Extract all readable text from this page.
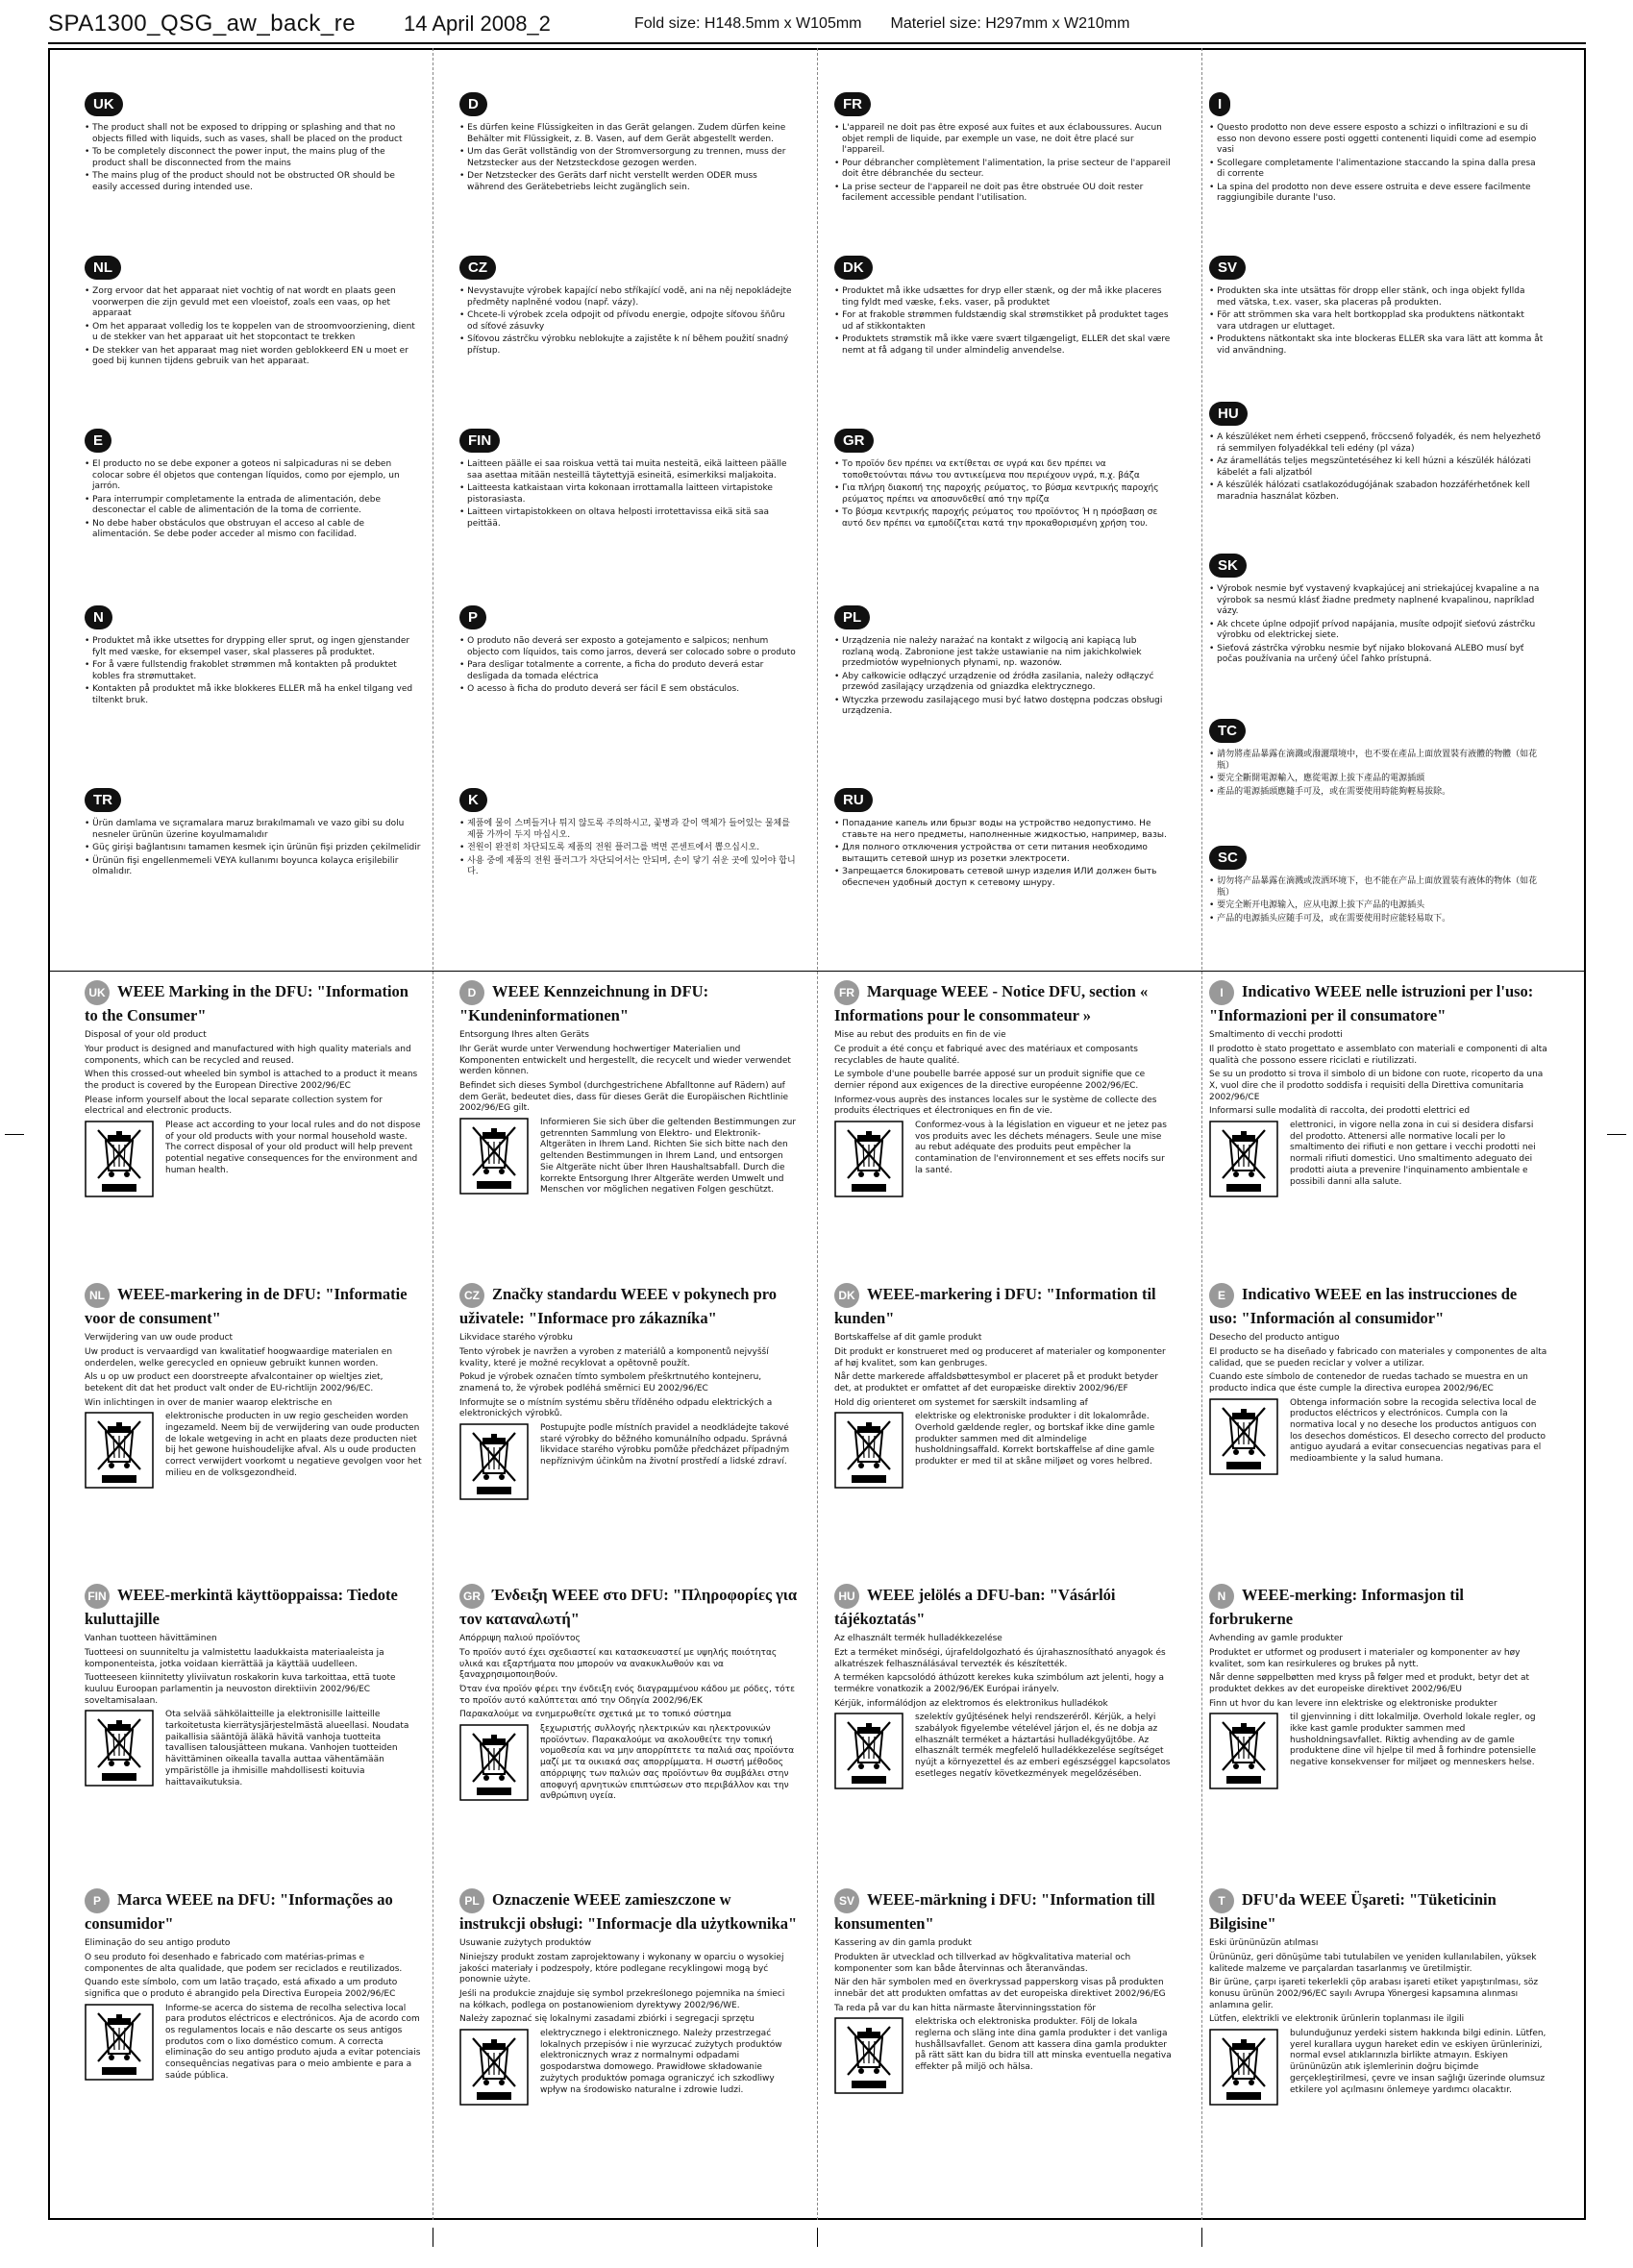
SPA1300_QSG_aw_back_re	14 April 2008_2	Fold size: H148.5mm x W105mm Materiel size: H297mm x W210mm
UK
• The product shall not be exposed to dripping or splashing and that no objects filled with liquids, such as vases, shall be placed on the product
• To be completely disconnect the power input, the mains plug of the product shall be disconnected from the mains
• The mains plug of the product should not be obstructed OR should be easily accessed during intended use.
D
• Es dürfen keine Flüssigkeiten in das Gerät gelangen. Zudem dürfen keine Behälter mit Flüssigkeit, z. B. Vasen, auf dem Gerät abgestellt werden.
• Um das Gerät vollständig von der Stromversorgung zu trennen, muss der Netzstecker aus der Netzsteckdose gezogen werden.
• Der Netzstecker des Geräts darf nicht verstellt werden ODER muss während des Gerätebetriebs leicht zugänglich sein.
FR
• L'appareil ne doit pas être exposé aux fuites et aux éclaboussures. Aucun objet rempli de liquide, par exemple un vase, ne doit être placé sur l'appareil.
• Pour débrancher complètement l'alimentation, la prise secteur de l'appareil doit être débranchée du secteur.
• La prise secteur de l'appareil ne doit pas être obstruée OU doit rester facilement accessible pendant l'utilisation.
I
• Questo prodotto non deve essere esposto a schizzi o infiltrazioni e su di esso non devono essere posti oggetti contenenti liquidi come ad esempio vasi
• Scollegare completamente l'alimentazione staccando la spina dalla presa di corrente
• La spina del prodotto non deve essere ostruita e deve essere facilmente raggiungibile durante l'uso.
NL
• Zorg ervoor dat het apparaat niet vochtig of nat wordt en plaats geen voorwerpen die zijn gevuld met een vloeistof, zoals een vaas, op het apparaat
• Om het apparaat volledig los te koppelen van de stroomvoorziening, dient u de stekker van het apparaat uit het stopcontact te trekken
• De stekker van het apparaat mag niet worden geblokkeerd EN u moet er goed bij kunnen tijdens gebruik van het apparaat.
CZ
• Nevystavujte výrobek kapající nebo stříkající vodě, ani na něj nepokládejte předměty naplněné vodou (např. vázy).
• Chcete-li výrobek zcela odpojit od přívodu energie, odpojte síťovou šňůru od síťové zásuvky
• Síťovou zástrčku výrobku neblokujte a zajistěte k ní během použití snadný přístup.
DK
• Produktet må ikke udsættes for dryp eller stænk, og der må ikke placeres ting fyldt med væske, f.eks. vaser, på produktet
• For at frakoble strømmen fuldstændig skal strømstikket på produktet tages ud af stikkontakten
• Produktets strømstik må ikke være svært tilgængeligt, ELLER det skal være nemt at få adgang til under almindelig anvendelse.
SV
• Produkten ska inte utsättas för dropp eller stänk, och inga objekt fyllda med vätska, t.ex. vaser, ska placeras på produkten.
• För att strömmen ska vara helt bortkopplad ska produktens nätkontakt vara utdragen ur eluttaget.
• Produktens nätkontakt ska inte blockeras ELLER ska vara lätt att komma åt vid användning.
HU
• A készüléket nem érheti cseppenő, fröccsenő folyadék, és nem helyezhető rá semmilyen folyadékkal teli edény (pl váza)
• Az áramellátás teljes megszüntetéséhez ki kell húzni a készülék hálózati kábelét a fali aljzatból
• A készülék hálózati csatlakozódugójának szabadon hozzáférhetőnek kell maradnia használat közben.
E
• El producto no se debe exponer a goteos ni salpicaduras ni se deben colocar sobre él objetos que contengan líquidos, como por ejemplo, un jarrón.
• Para interrumpir completamente la entrada de alimentación, debe desconectar el cable de alimentación de la toma de corriente.
• No debe haber obstáculos que obstruyan el acceso al cable de alimentación. Se debe poder acceder al mismo con facilidad.
FIN
• Laitteen päälle ei saa roiskua vettä tai muita nesteitä, eikä laitteen päälle saa asettaa mitään nesteillä täytettyjä esineitä, esimerkiksi maljakoita.
• Laitteesta katkaistaan virta kokonaan irrottamalla laitteen virtapistoke pistorasiasta.
• Laitteen virtapistokkeen on oltava helposti irrotettavissa eikä sitä saa peittää.
GR
• Το προϊόν δεν πρέπει να εκτίθεται σε υγρά και δεν πρέπει να τοποθετούνται πάνω του αντικείμενα που περιέχουν υγρά, π.χ. βάζα
• Για πλήρη διακοπή της παροχής ρεύματος, το βύσμα κεντρικής παροχής ρεύματος πρέπει να αποσυνδεθεί από την πρίζα
• Το βύσμα κεντρικής παροχής ρεύματος του προϊόντος Ή η πρόσβαση σε αυτό δεν πρέπει να εμποδίζεται κατά την προκαθορισμένη χρήση του.
SK
• Výrobok nesmie byť vystavený kvapkajúcej ani striekajúcej kvapaline a na výrobok sa nesmú klásť žiadne predmety naplnené kvapalinou, napríklad vázy.
• Ak chcete úplne odpojiť prívod napájania, musíte odpojiť sieťovú zástrčku výrobku od elektrickej siete.
• Sieťová zástrčka výrobku nesmie byť nijako blokovaná ALEBO musí byť počas používania na určený účel ľahko prístupná.
N
• Produktet må ikke utsettes for drypping eller sprut, og ingen gjenstander fylt med væske, for eksempel vaser, skal plasseres på produktet.
• For å være fullstendig frakoblet strømmen må kontakten på produktet kobles fra strømuttaket.
• Kontakten på produktet må ikke blokkeres ELLER må ha enkel tilgang ved tiltenkt bruk.
P
• O produto não deverá ser exposto a gotejamento e salpicos; nenhum objecto com líquidos, tais como jarros, deverá ser colocado sobre o produto
• Para desligar totalmente a corrente, a ficha do produto deverá estar desligada da tomada eléctrica
• O acesso à ficha do produto deverá ser fácil E sem obstáculos.
PL
• Urządzenia nie należy narażać na kontakt z wilgocią ani kapiącą lub rozlaną wodą. Zabronione jest także ustawianie na nim jakichkolwiek przedmiotów wypełnionych płynami, np. wazonów.
• Aby całkowicie odłączyć urządzenie od źródła zasilania, należy odłączyć przewód zasilający urządzenia od gniazdka elektrycznego.
• Wtyczka przewodu zasilającego musi być łatwo dostępna podczas obsługi urządzenia.
TC
• 請勿將產品暴露在滴濺或潑灑環境中，也不要在產品上面放置裝有液體的物體（如花瓶）
• 要完全斷開電源輸入，應從電源上拔下產品的電源插頭
• 產品的電源插頭應隨手可及，或在需要使用時能夠輕易拔除。
TR
• Ürün damlama ve sıçramalara maruz bırakılmamalı ve vazo gibi su dolu nesneler ürünün üzerine koyulmamalıdır
• Güç girişi bağlantısını tamamen kesmek için ürünün fişi prizden çekilmelidir
• Ürünün fişi engellenmemeli VEYA kullanımı boyunca kolayca erişilebilir olmalıdır.
K
• 제품에 물이 스며들거나 튀지 않도록 주의하시고, 꽃병과 같이 액체가 들어있는 물체를 제품 가까이 두지 마십시오.
• 전원이 완전히 차단되도록 제품의 전원 플러그를 벽면 콘센트에서 뽑으십시오.
• 사용 중에 제품의 전원 플러그가 차단되어서는 안되며, 손이 닿기 쉬운 곳에 있어야 합니다.
RU
• Попадание капель или брызг воды на устройство недопустимо. Не ставьте на него предметы, наполненные жидкостью, например, вазы.
• Для полного отключения устройства от сети питания необходимо вытащить сетевой шнур из розетки электросети.
• Запрещается блокировать сетевой шнур изделия ИЛИ должен быть обеспечен удобный доступ к сетевому шнуру.
SC
• 切勿将产品暴露在滴溅或泼洒环境下，也不能在产品上面放置装有液体的物体（如花瓶）
• 要完全断开电源输入，应从电源上拔下产品的电源插头
• 产品的电源插头应随手可及，或在需要使用时应能轻易取下。
UK WEEE Marking in the DFU: "Information to the Consumer"
Disposal of your old product

Your product is designed and manufactured with high quality materials and components, which can be recycled and reused.

When this crossed-out wheeled bin symbol is attached to a product it means the product is covered by the European Directive 2002/96/EC

Please inform yourself about the local separate collection system for electrical and electronic products.

Please act according to your local rules and do not dispose of your old products with your normal household waste. The correct disposal of your old product will help prevent potential negative consequences for the environment and human health.
D WEEE Kennzeichnung in DFU: "Kundeninformationen"
Entsorgung Ihres alten Geräts

Ihr Gerät wurde unter Verwendung hochwertiger Materialien und Komponenten entwickelt und hergestellt, die recycelt und wieder verwendet werden können.

Befindet sich dieses Symbol (durchgestrichene Abfalltonne auf Rädern) auf dem Gerät, bedeutet dies, dass für dieses Gerät die Europäischen Richtlinie 2002/96/EG gilt.

Informieren Sie sich über die geltenden Bestimmungen zur getrennten Sammlung von Elektro- und Elektronik-Altgeräten in Ihrem Land. Richten Sie sich bitte nach den geltenden Bestimmungen in Ihrem Land, und entsorgen Sie Altgeräte nicht über Ihren Haushaltsabfall. Durch die korrekte Entsorgung Ihrer Altgeräte werden Umwelt und Menschen vor möglichen negativen Folgen geschützt.
FR Marquage WEEE - Notice DFU, section « Informations pour le consommateur »
Mise au rebut des produits en fin de vie

Ce produit a été conçu et fabriqué avec des matériaux et composants recyclables de haute qualité.

Le symbole d'une poubelle barrée apposé sur un produit signifie que ce dernier répond aux exigences de la directive européenne 2002/96/EC.

Informez-vous auprès des instances locales sur le système de collecte des produits électriques et électroniques en fin de vie.

Conformez-vous à la législation en vigueur et ne jetez pas vos produits avec les déchets ménagers. Seule une mise au rebut adéquate des produits peut empêcher la contamination de l'environnement et ses effets nocifs sur la santé.
I Indicativo WEEE nelle istruzioni per l'uso: "Informazioni per il consumatore"
Smaltimento di vecchi prodotti

Il prodotto è stato progettato e assemblato con materiali e componenti di alta qualità che possono essere riciclati e riutilizzati.

Se su un prodotto si trova il simbolo di un bidone con ruote, ricoperto da una X, vuol dire che il prodotto soddisfa i requisiti della Direttiva comunitaria 2002/96/CE

Informarsi sulle modalità di raccolta, dei prodotti elettrici ed

elettronici, in vigore nella zona in cui si desidera disfarsi del prodotto. Attenersi alle normative locali per lo smaltimento dei rifiuti e non gettare i vecchi prodotti nei normali rifiuti domestici. Uno smaltimento adeguato dei prodotti aiuta a prevenire l'inquinamento ambientale e possibili danni alla salute.
NL WEEE-markering in de DFU: "Informatie voor de consument"
Verwijdering van uw oude product

Uw product is vervaardigd van kwalitatief hoogwaardige materialen en onderdelen, welke gerecycled en opnieuw gebruikt kunnen worden.

Als u op uw product een doorstreepte afvalcontainer op wieltjes ziet, betekent dit dat het product valt onder de EU-richtlijn 2002/96/EC.

Win inlichtingen in over de manier waarop elektrische en

elektronische producten in uw regio gescheiden worden ingezameld. Neem bij de verwijdering van oude producten de lokale wetgeving in acht en plaats deze producten niet bij het gewone huishoudelijke afval. Als u oude producten correct verwijdert voorkomt u negatieve gevolgen voor het milieu en de volksgezondheid.
CZ Značky standardu WEEE v pokynech pro uživatele: "Informace pro zákazníka"
Likvidace starého výrobku

Tento výrobek je navržen a vyroben z materiálů a komponentů nejvyšší kvality, které je možné recyklovat a opětovně použít.

Pokud je výrobek označen tímto symbolem přeškrtnutého kontejneru, znamená to, že výrobek podléhá směrnici EU 2002/96/EC

Informujte se o místním systému sběru tříděného odpadu elektrických a elektronických výrobků.

Postupujte podle místních pravidel a neodkládejte takové staré výrobky do běžného komunálního odpadu. Správná likvidace starého výrobku pomůže předcházet případným nepříznivým účinkům na životní prostředí a lidské zdraví.
DK WEEE-markering i DFU: "Information til kunden"
Bortskaffelse af dit gamle produkt

Dit produkt er konstrueret med og produceret af materialer og komponenter af høj kvalitet, som kan genbruges.

Når dette markerede affaldsbøttesymbol er placeret på et produkt betyder det, at produktet er omfattet af det europæiske direktiv 2002/96/EF

Hold dig orienteret om systemet for særskilt indsamling af

elektriske og elektroniske produkter i dit lokalområde. Overhold gældende regler, og bortskaf ikke dine gamle produkter sammen med dit almindelige husholdningsaffald. Korrekt bortskaffelse af dine gamle produkter er med til at skåne miljøet og vores helbred.
E Indicativo WEEE en las instrucciones de uso: "Información al consumidor"
Desecho del producto antiguo

El producto se ha diseñado y fabricado con materiales y componentes de alta calidad, que se pueden reciclar y volver a utilizar.

Cuando este símbolo de contenedor de ruedas tachado se muestra en un producto indica que éste cumple la directiva europea 2002/96/EC

Obtenga información sobre la recogida selectiva local de productos eléctricos y electrónicos. Cumpla con la normativa local y no deseche los productos antiguos con los desechos domésticos. El desecho correcto del producto antiguo ayudará a evitar consecuencias negativas para el medioambiente y la salud humana.
FIN WEEE-merkintä käyttöoppaissa: Tiedote kuluttajille
Vanhan tuotteen hävittäminen

Tuotteesi on suunniteltu ja valmistettu laadukkaista materiaaleista ja komponenteista, jotka voidaan kierrättää ja käyttää uudelleen.

Tuotteeseen kiinnitetty yliviivatun roskakorin kuva tarkoittaa, että tuote kuuluu Euroopan parlamentin ja neuvoston direktiivin 2002/96/EC soveltamisalaan.

Ota selvää sähkölaitteille ja elektronisille laitteille tarkoitetusta kierrätysjärjestelmästä alueellasi. Noudata paikallisia sääntöjä äläkä hävitä vanhoja tuotteita tavallisen talousjätteen mukana. Vanhojen tuotteiden hävittäminen oikealla tavalla auttaa vähentämään ympäristölle ja ihmisille mahdollisesti koituvia haittavaikutuksia.
GR Ένδειξη WEEE στο DFU: "Πληροφορίες για τον καταναλωτή"
Απόρριψη παλιού προϊόντος

Το προϊόν αυτό έχει σχεδιαστεί και κατασκευαστεί με υψηλής ποιότητας υλικά και εξαρτήματα που μπορούν να ανακυκλωθούν και να ξαναχρησιμοποιηθούν.

Όταν ένα προϊόν φέρει την ένδειξη ενός διαγραμμένου κάδου με ρόδες, τότε το προϊόν αυτό καλύπτεται από την Οδηγία 2002/96/ΕΚ

Παρακαλούμε να ενημερωθείτε σχετικά με το τοπικό σύστημα

ξεχωριστής συλλογής ηλεκτρικών και ηλεκτρονικών προϊόντων. Παρακαλούμε να ακολουθείτε την τοπική νομοθεσία και να μην απορρίπτετε τα παλιά σας προϊόντα μαζί με τα οικιακά σας απορρίμματα. Η σωστή μέθοδος απόρριψης των παλιών σας προϊόντων θα συμβάλει στην αποφυγή αρνητικών επιπτώσεων στο περιβάλλον και την ανθρώπινη υγεία.
HU WEEE jelölés a DFU-ban: "Vásárlói tájékoztatás"
Az elhasznált termék hulladékkezelése

Ezt a terméket minőségi, újrafeldolgozható és újrahasznosítható anyagok és alkatrészek felhasználásával tervezték és készítették.

A terméken kapcsolódó áthúzott kerekes kuka szimbólum azt jelenti, hogy a termékre vonatkozik a 2002/96/EK Európai irányelv.

Kérjük, informálódjon az elektromos és elektronikus hulladékok

szelektív gyűjtésének helyi rendszeréről. Kérjük, a helyi szabályok figyelembe vételével járjon el, és ne dobja az elhasznált terméket a háztartási hulladékgyűjtőbe. Az elhasznált termék megfelelő hulladékkezelése segítséget nyújt a környezettel és az emberi egészséggel kapcsolatos esetleges negatív következmények megelőzésében.
N WEEE-merking: Informasjon til forbrukerne
Avhending av gamle produkter

Produktet er utformet og produsert i materialer og komponenter av høy kvalitet, som kan resirkuleres og brukes på nytt.

Når denne søppelbøtten med kryss på følger med et produkt, betyr det at produktet dekkes av det europeiske direktivet 2002/96/EU

Finn ut hvor du kan levere inn elektriske og elektroniske produkter

til gjenvinning i ditt lokalmiljø. Overhold lokale regler, og ikke kast gamle produkter sammen med husholdningsavfallet. Riktig avhending av de gamle produktene dine vil hjelpe til med å forhindre potensielle negative konsekvenser for miljøet og menneskers helse.
P Marca WEEE na DFU: "Informações ao consumidor"
Eliminação do seu antigo produto

O seu produto foi desenhado e fabricado com matérias-primas e componentes de alta qualidade, que podem ser reciclados e reutilizados.

Quando este símbolo, com um latão traçado, está afixado a um produto significa que o produto é abrangido pela Directiva Europeia 2002/96/EC

Informe-se acerca do sistema de recolha selectiva local para produtos eléctricos e electrónicos. Aja de acordo com os regulamentos locais e não descarte os seus antigos produtos com o lixo doméstico comum. A correcta eliminação do seu antigo produto ajuda a evitar potenciais consequências negativas para o meio ambiente e para a saúde pública.
PL Oznaczenie WEEE zamieszczone w instrukcji obsługi: "Informacje dla użytkownika"
Usuwanie zużytych produktów

Niniejszy produkt zostam zaprojektowany i wykonany w oparciu o wysokiej jakości materiały i podzespoły, które podlegane recyklingowi mogą być ponownie użyte.

Jeśli na produkcie znajduje się symbol przekreślonego pojemnika na śmieci na kółkach, podlega on postanowieniom dyrektywy 2002/96/WE.

Należy zapoznać się lokalnymi zasadami zbiórki i segregacji sprzętu

elektrycznego i elektronicznego. Należy przestrzegać lokalnych przepisów i nie wyrzucać zużytych produktów elektronicznych wraz z normalnymi odpadami gospodarstwa domowego. Prawidłowe składowanie zużytych produktów pomaga ograniczyć ich szkodliwy wpływ na środowisko naturalne i zdrowie ludzi.
SV WEEE-märkning i DFU: "Information till konsumenten"
Kassering av din gamla produkt

Produkten är utvecklad och tillverkad av högkvalitativa material och komponenter som kan både återvinnas och återanvändas.

När den här symbolen med en överkryssad papperskorg visas på produkten innebär det att produkten omfattas av det europeiska direktivet 2002/96/EG

Ta reda på var du kan hitta närmaste återvinningsstation för

elektriska och elektroniska produkter. Följ de lokala reglerna och släng inte dina gamla produkter i det vanliga hushållsavfallet. Genom att kassera dina gamla produkter på rätt sätt kan du bidra till att minska eventuella negativa effekter på miljö och hälsa.
T DFU'da WEEE Üşareti: "Tüketicinin Bilgisine"
Eski ürününüzün atılması

Ürününüz, geri dönüşüme tabi tutulabilen ve yeniden kullanılabilen, yüksek kalitede malzeme ve parçalardan tasarlanmış ve üretilmiştir.

Bir ürüne, çarpı işareti tekerlekli çöp arabası işareti etiket yapıştırılması, söz konusu ürünün 2002/96/EC sayılı Avrupa Yönergesi kapsamına alınması anlamına gelir.

Lütfen, elektrikli ve elektronik ürünlerin toplanması ile ilgili

bulunduğunuz yerdeki sistem hakkında bilgi edinin. Lütfen, yerel kurallara uygun hareket edin ve eskiyen ürünlerinizi, normal evsel atıklarınızla birlikte atmayın. Eskiyen ürününüzün atık işlemlerinin doğru biçimde gerçekleştirilmesi, çevre ve insan sağlığı üzerinde olumsuz etkilere yol açılmasını önlemeye yardımcı olacaktır.
